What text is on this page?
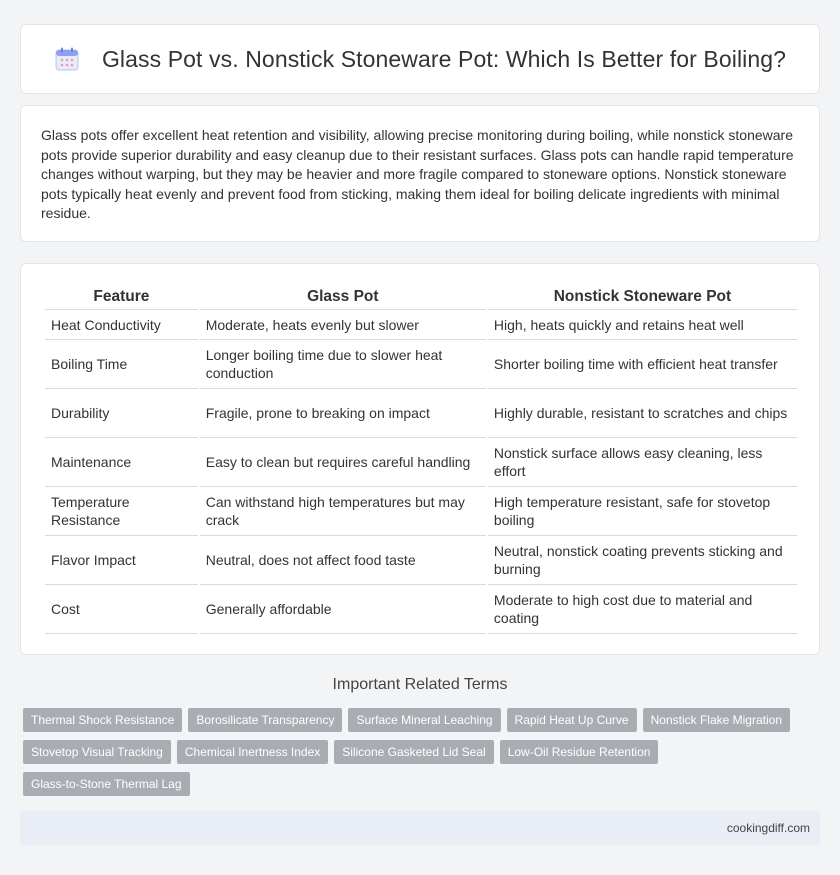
Glass Pot vs. Nonstick Stoneware Pot: Which Is Better for Boiling?

Glass pots offer excellent heat retention and visibility, allowing precise monitoring during boiling, while nonstick stoneware pots provide superior durability and easy cleanup due to their resistant surfaces. Glass pots can handle rapid temperature changes without warping, but they may be heavier and more fragile compared to stoneware options. Nonstick stoneware pots typically heat evenly and prevent food from sticking, making them ideal for boiling delicate ingredients with minimal residue.

Feature	Glass Pot	Nonstick Stoneware Pot
Heat Conductivity	Moderate, heats evenly but slower	High, heats quickly and retains heat well
Boiling Time	Longer boiling time due to slower heat conduction	Shorter boiling time with efficient heat transfer
Durability	Fragile, prone to breaking on impact	Highly durable, resistant to scratches and chips
Maintenance	Easy to clean but requires careful handling	Nonstick surface allows easy cleaning, less effort
Temperature Resistance	Can withstand high temperatures but may crack	High temperature resistant, safe for stovetop boiling
Flavor Impact	Neutral, does not affect food taste	Neutral, nonstick coating prevents sticking and burning
Cost	Generally affordable	Moderate to high cost due to material and coating
Important Related Terms
Thermal Shock Resistance	Borosilicate Transparency	Surface Mineral Leaching	Rapid Heat Up Curve	Nonstick Flake Migration
Stovetop Visual Tracking	Chemical Inertness Index	Silicone Gasketed Lid Seal	Low-Oil Residue Retention
Glass-to-Stone Thermal Lag
cookingdiff.com
